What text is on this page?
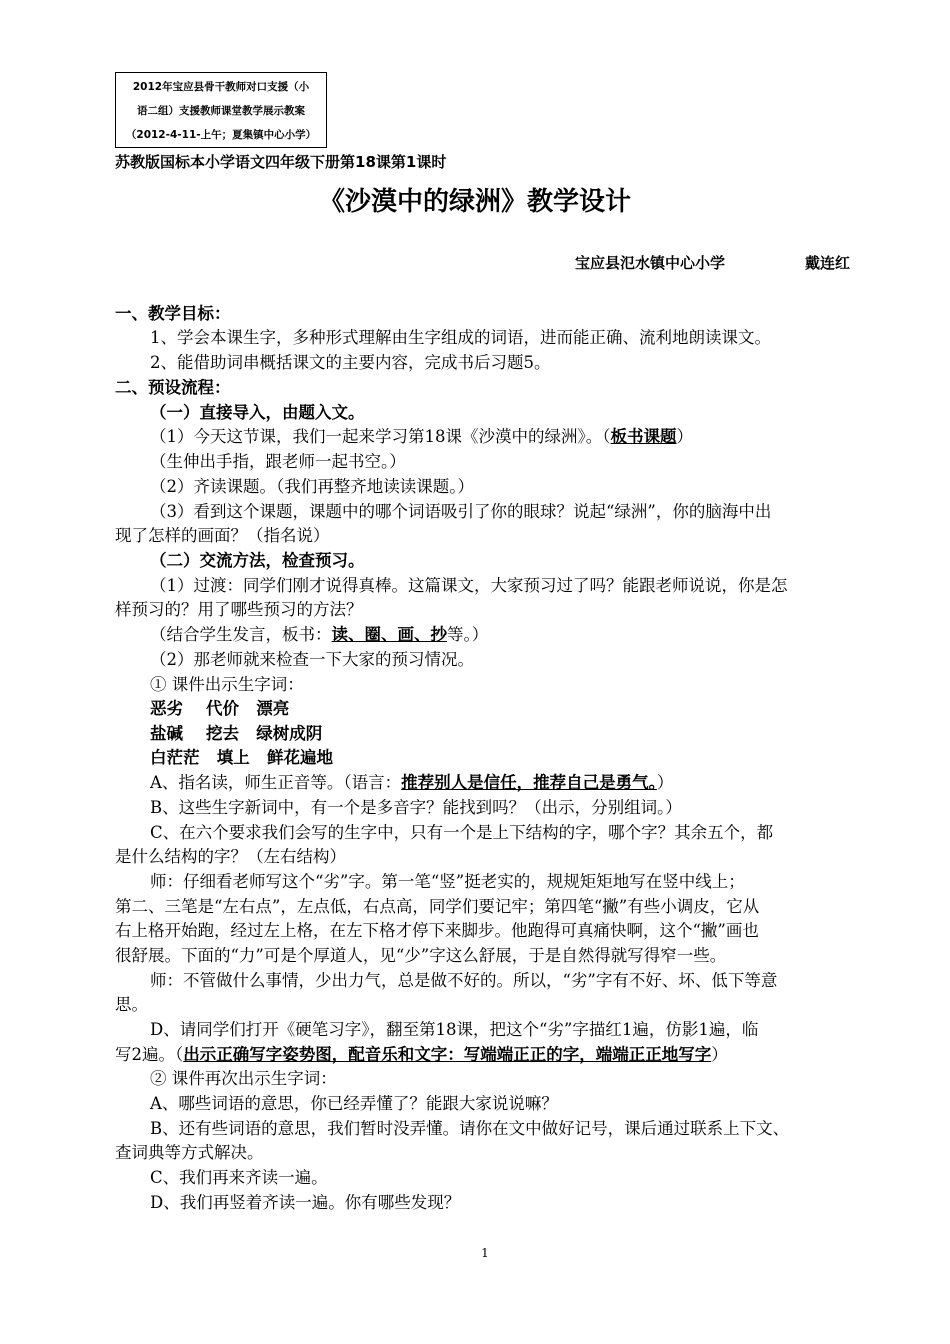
2012年宝应县骨干教师对口支援（小
语二组）支援教师课堂教学展示教案
（2012-4-11-上午；夏集镇中心小学）
苏教版国标本小学语文四年级下册第18课第1课时
《沙漠中的绿洲》教学设计
宝应县氾水镇中心小学	戴连红
一、教学目标：
1、学会本课生字，多种形式理解由生字组成的词语，进而能正确、流利地朗读课文。
2、能借助词串概括课文的主要内容，完成书后习题5。
二、预设流程：
（一）直接导入，由题入文。
（1）今天这节课，我们一起来学习第18课《沙漠中的绿洲》。（板书课题）
（生伸出手指，跟老师一起书空。）
（2）齐读课题。（我们再整齐地读读课题。）
（3）看到这个课题，课题中的哪个词语吸引了你的眼球？说起“绿洲”，你的脑海中出
现了怎样的画面？（指名说）
（二）交流方法，检查预习。
（1）过渡：同学们刚才说得真棒。这篇课文，大家预习过了吗？能跟老师说说，你是怎
样预习的？用了哪些预习的方法？
（结合学生发言，板书：读、圈、画、抄等。）
（2）那老师就来检查一下大家的预习情况。
① 课件出示生字词：
恶劣    代价   漂亮
盐碱    挖去   绿树成阴
白茫茫   填上   鲜花遍地
A、指名读，师生正音等。（语言：推荐别人是信任，推荐自己是勇气。）
B、这些生字新词中，有一个是多音字？能找到吗？（出示，分别组词。）
C、在六个要求我们会写的生字中，只有一个是上下结构的字，哪个字？其余五个，都
是什么结构的字？（左右结构）
师：仔细看老师写这个“劣”字。第一笔“竖”挺老实的，规规矩矩地写在竖中线上；
第二、三笔是“左右点”，左点低，右点高，同学们要记牢；第四笔“撇”有些小调皮，它从
右上格开始跑，经过左上格，在左下格才停下来脚步。他跑得可真痛快啊，这个“撇”画也
很舒展。下面的“力”可是个厚道人，见“少”字这么舒展，于是自然得就写得窄一些。
师：不管做什么事情，少出力气，总是做不好的。所以，“劣”字有不好、坏、低下等意
思。
D、请同学们打开《硬笔习字》，翻至第18课，把这个“劣”字描红1遍，仿影1遍，临
写2遍。（出示正确写字姿势图，配音乐和文字：写端端正正的字，端端正正地写字）
② 课件再次出示生字词：
A、哪些词语的意思，你已经弄懂了？能跟大家说说嘛？
B、还有些词语的意思，我们暂时没弄懂。请你在文中做好记号，课后通过联系上下文、
查词典等方式解决。
C、我们再来齐读一遍。
D、我们再竖着齐读一遍。你有哪些发现？
1
